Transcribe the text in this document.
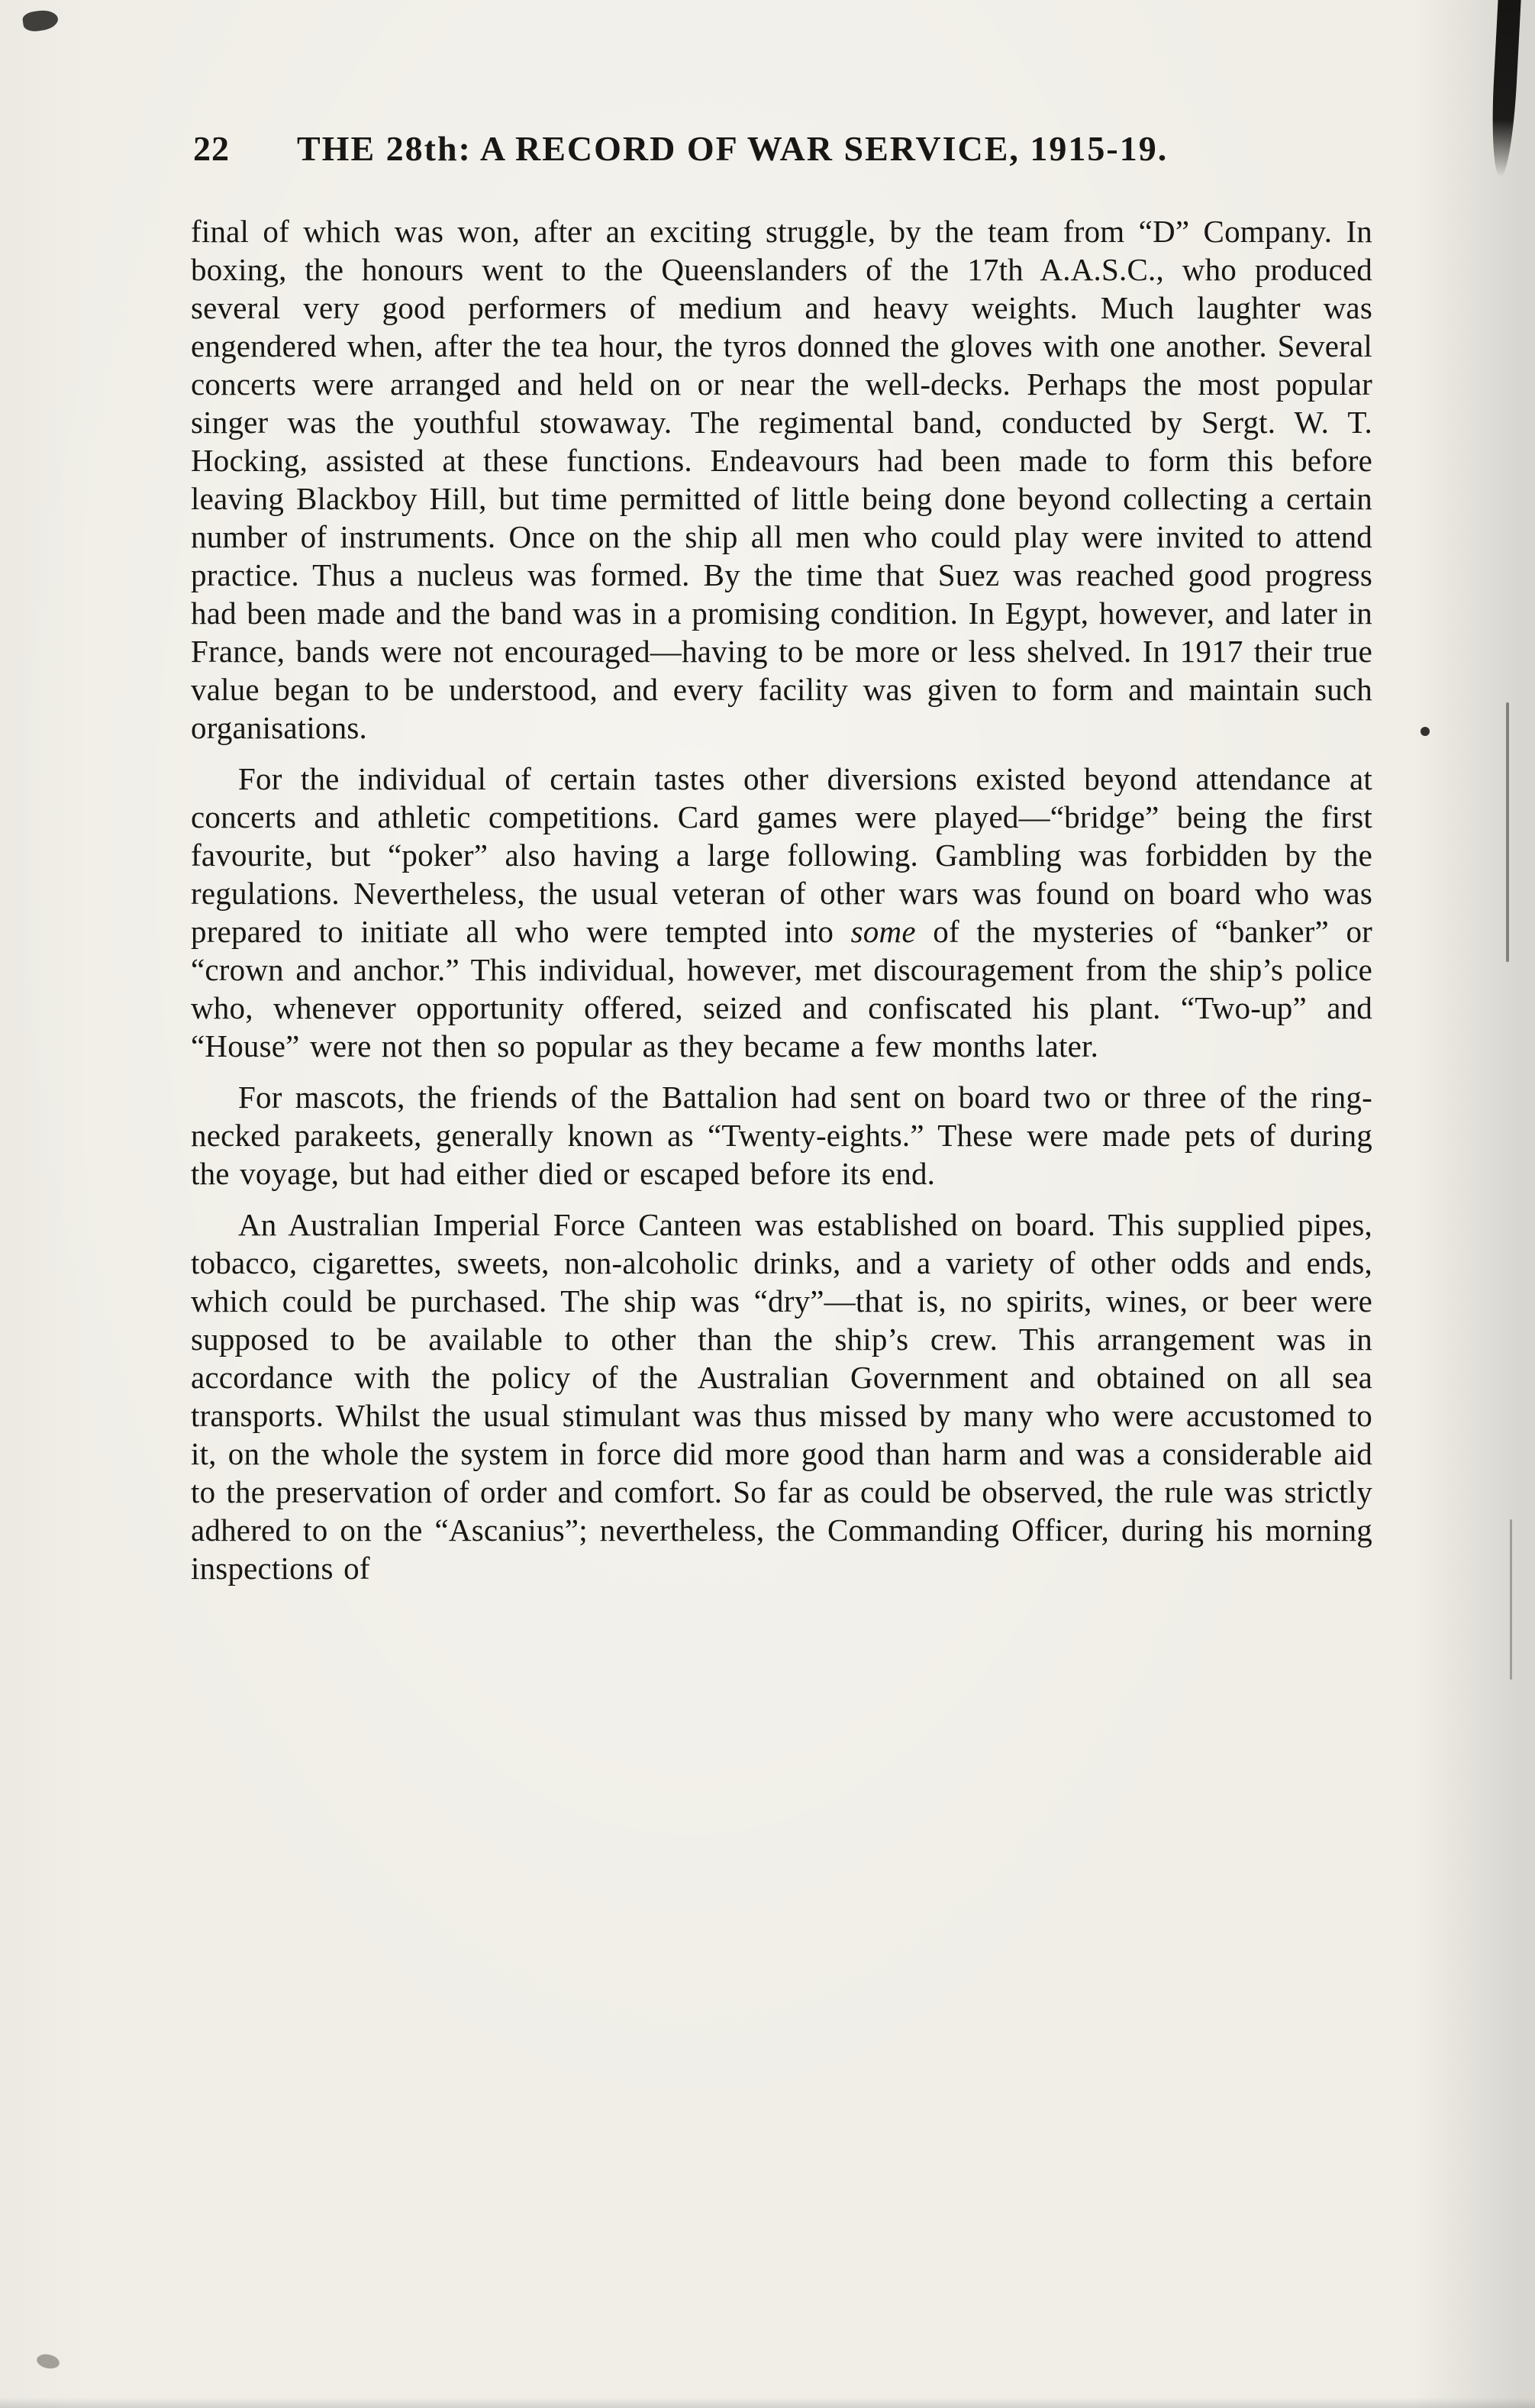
22 THE 28th: A RECORD OF WAR SERVICE, 1915-19.

final of which was won, after an exciting struggle, by the team from “D” Company. In boxing, the honours went to the Queenslanders of the 17th A.A.S.C., who produced several very good performers of medium and heavy weights. Much laughter was engendered when, after the tea hour, the tyros donned the gloves with one another. Several concerts were arranged and held on or near the well-decks. Perhaps the most popular singer was the youthful stowaway. The regimental band, conducted by Sergt. W. T. Hocking, assisted at these functions. Endeavours had been made to form this before leaving Blackboy Hill, but time permitted of little being done beyond collecting a certain number of instruments. Once on the ship all men who could play were invited to attend practice. Thus a nucleus was formed. By the time that Suez was reached good progress had been made and the band was in a promising condition. In Egypt, however, and later in France, bands were not encouraged—having to be more or less shelved. In 1917 their true value began to be understood, and every facility was given to form and maintain such organisations.

For the individual of certain tastes other diversions existed beyond attendance at concerts and athletic competitions. Card games were played—“bridge” being the first favourite, but “poker” also having a large following. Gambling was forbidden by the regulations. Nevertheless, the usual veteran of other wars was found on board who was prepared to initiate all who were tempted into some of the mysteries of “banker” or “crown and anchor.” This individual, however, met discouragement from the ship’s police who, whenever opportunity offered, seized and confiscated his plant. “Two-up” and “House” were not then so popular as they became a few months later.

For mascots, the friends of the Battalion had sent on board two or three of the ring-necked parakeets, generally known as “Twenty-eights.” These were made pets of during the voyage, but had either died or escaped before its end.

An Australian Imperial Force Canteen was established on board. This supplied pipes, tobacco, cigarettes, sweets, non-alcoholic drinks, and a variety of other odds and ends, which could be purchased. The ship was “dry”—that is, no spirits, wines, or beer were supposed to be available to other than the ship’s crew. This arrangement was in accordance with the policy of the Australian Government and obtained on all sea transports. Whilst the usual stimulant was thus missed by many who were accustomed to it, on the whole the system in force did more good than harm and was a considerable aid to the preservation of order and comfort. So far as could be observed, the rule was strictly adhered to on the “Ascanius”; nevertheless, the Commanding Officer, during his morning inspections of
